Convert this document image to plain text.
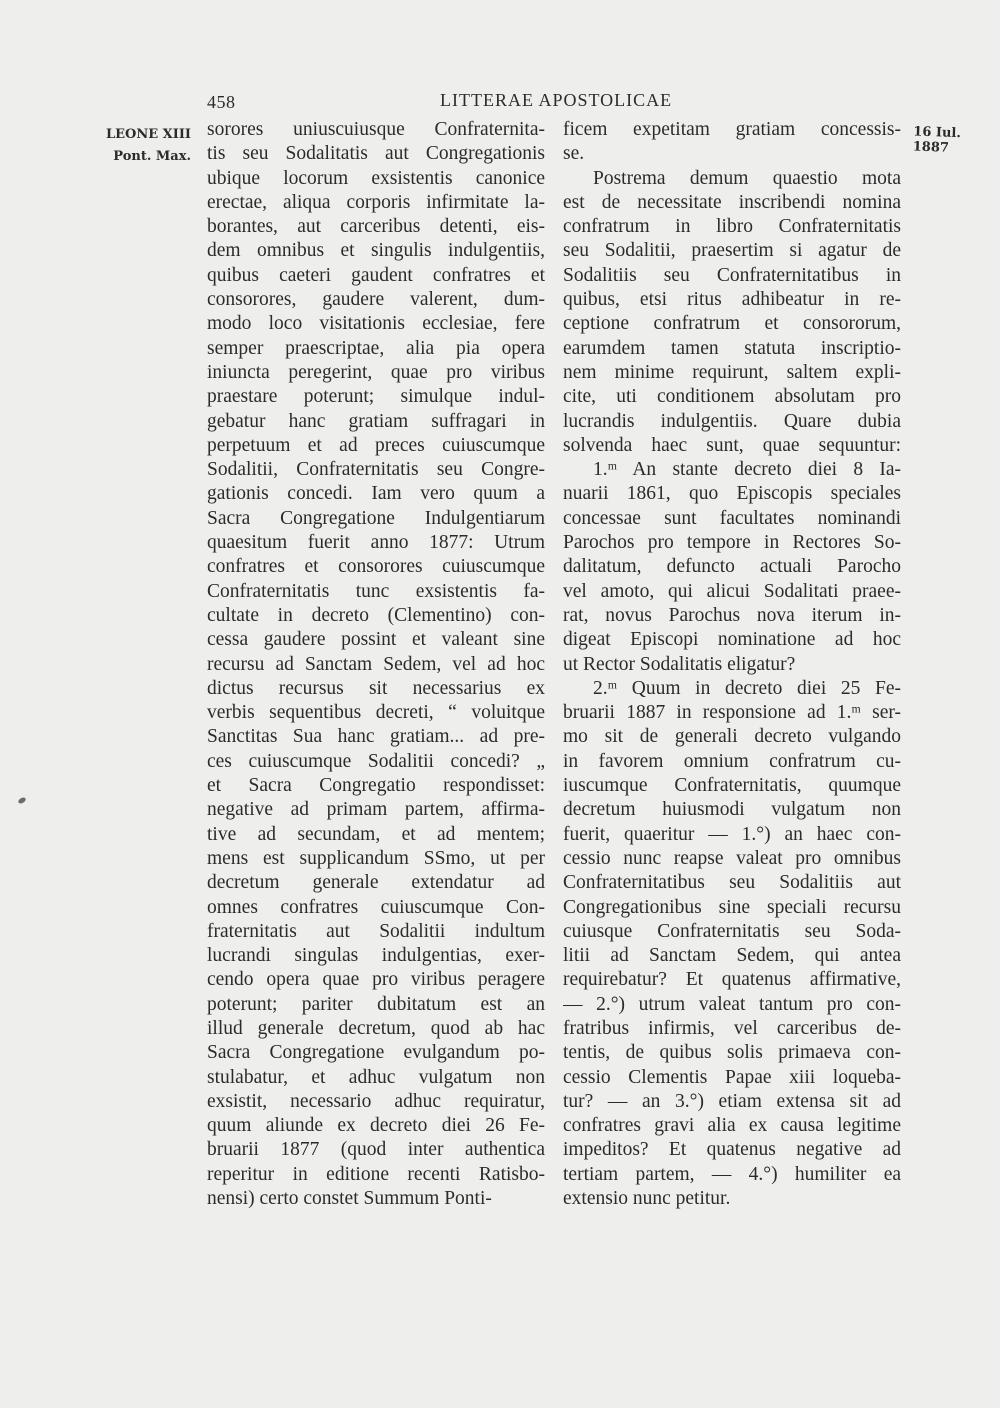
458	LITTERAE APOSTOLICAE
LEONE XIII
Pont. Max.
16 Iul. 1887
sorores uniuscuiusque Confraternita-
tis seu Sodalitatis aut Congregationis
ubique locorum exsistentis canonice
erectae, aliqua corporis infirmitate la-
borantes, aut carceribus detenti, eis-
dem omnibus et singulis indulgentiis,
quibus caeteri gaudent confratres et
consorores, gaudere valerent, dum-
modo loco visitationis ecclesiae, fere
semper praescriptae, alia pia opera
iniuncta peregerint, quae pro viribus
praestare poterunt; simulque indul-
gebatur hanc gratiam suffragari in
perpetuum et ad preces cuiuscumque
Sodalitii, Confraternitatis seu Congre-
gationis concedi. Iam vero quum a
Sacra Congregatione Indulgentiarum
quaesitum fuerit anno 1877: Utrum
confratres et consorores cuiuscumque
Confraternitatis tunc exsistentis fa-
cultate in decreto (Clementino) con-
cessa gaudere possint et valeant sine
recursu ad Sanctam Sedem, vel ad hoc
dictus recursus sit necessarius ex
verbis sequentibus decreti, “ voluitque
Sanctitas Sua hanc gratiam... ad pre-
ces cuiuscumque Sodalitii concedi? „
et Sacra Congregatio respondisset:
negative ad primam partem, affirma-
tive ad secundam, et ad mentem;
mens est supplicandum SSmo, ut per
decretum generale extendatur ad
omnes confratres cuiuscumque Con-
fraternitatis aut Sodalitii indultum
lucrandi singulas indulgentias, exer-
cendo opera quae pro viribus peragere
poterunt; pariter dubitatum est an
illud generale decretum, quod ab hac
Sacra Congregatione evulgandum po-
stulabatur, et adhuc vulgatum non
exsistit, necessario adhuc requiratur,
quum aliunde ex decreto diei 26 Fe-
bruarii 1877 (quod inter authentica
reperitur in editione recenti Ratisbo-
nensi) certo constet Summum Ponti-
ficem expetitam gratiam concessis-
se.
Postrema demum quaestio mota
est de necessitate inscribendi nomina
confratrum in libro Confraternitatis
seu Sodalitii, praesertim si agatur de
Sodalitiis seu Confraternitatibus in
quibus, etsi ritus adhibeatur in re-
ceptione confratrum et consororum,
earumdem tamen statuta inscriptio-
nem minime requirunt, saltem expli-
cite, uti conditionem absolutam pro
lucrandis indulgentiis. Quare dubia
solvenda haec sunt, quae sequuntur:
1.ᵐ An stante decreto diei 8 Ia-
nuarii 1861, quo Episcopis speciales
concessae sunt facultates nominandi
Parochos pro tempore in Rectores So-
dalitatum, defuncto actuali Parocho
vel amoto, qui alicui Sodalitati praee-
rat, novus Parochus nova iterum in-
digeat Episcopi nominatione ad hoc
ut Rector Sodalitatis eligatur?
2.ᵐ Quum in decreto diei 25 Fe-
bruarii 1887 in responsione ad 1.ᵐ ser-
mo sit de generali decreto vulgando
in favorem omnium confratrum cu-
iuscumque Confraternitatis, quumque
decretum huiusmodi vulgatum non
fuerit, quaeritur — 1.°) an haec con-
cessio nunc reapse valeat pro omnibus
Confraternitatibus seu Sodalitiis aut
Congregationibus sine speciali recursu
cuiusque Confraternitatis seu Soda-
litii ad Sanctam Sedem, qui antea
requirebatur? Et quatenus affirmative,
— 2.°) utrum valeat tantum pro con-
fratribus infirmis, vel carceribus de-
tentis, de quibus solis primaeva con-
cessio Clementis Papae xiii loqueba-
tur? — an 3.°) etiam extensa sit ad
confratres gravi alia ex causa legitime
impeditos? Et quatenus negative ad
tertiam partem, — 4.°) humiliter ea
extensio nunc petitur.
